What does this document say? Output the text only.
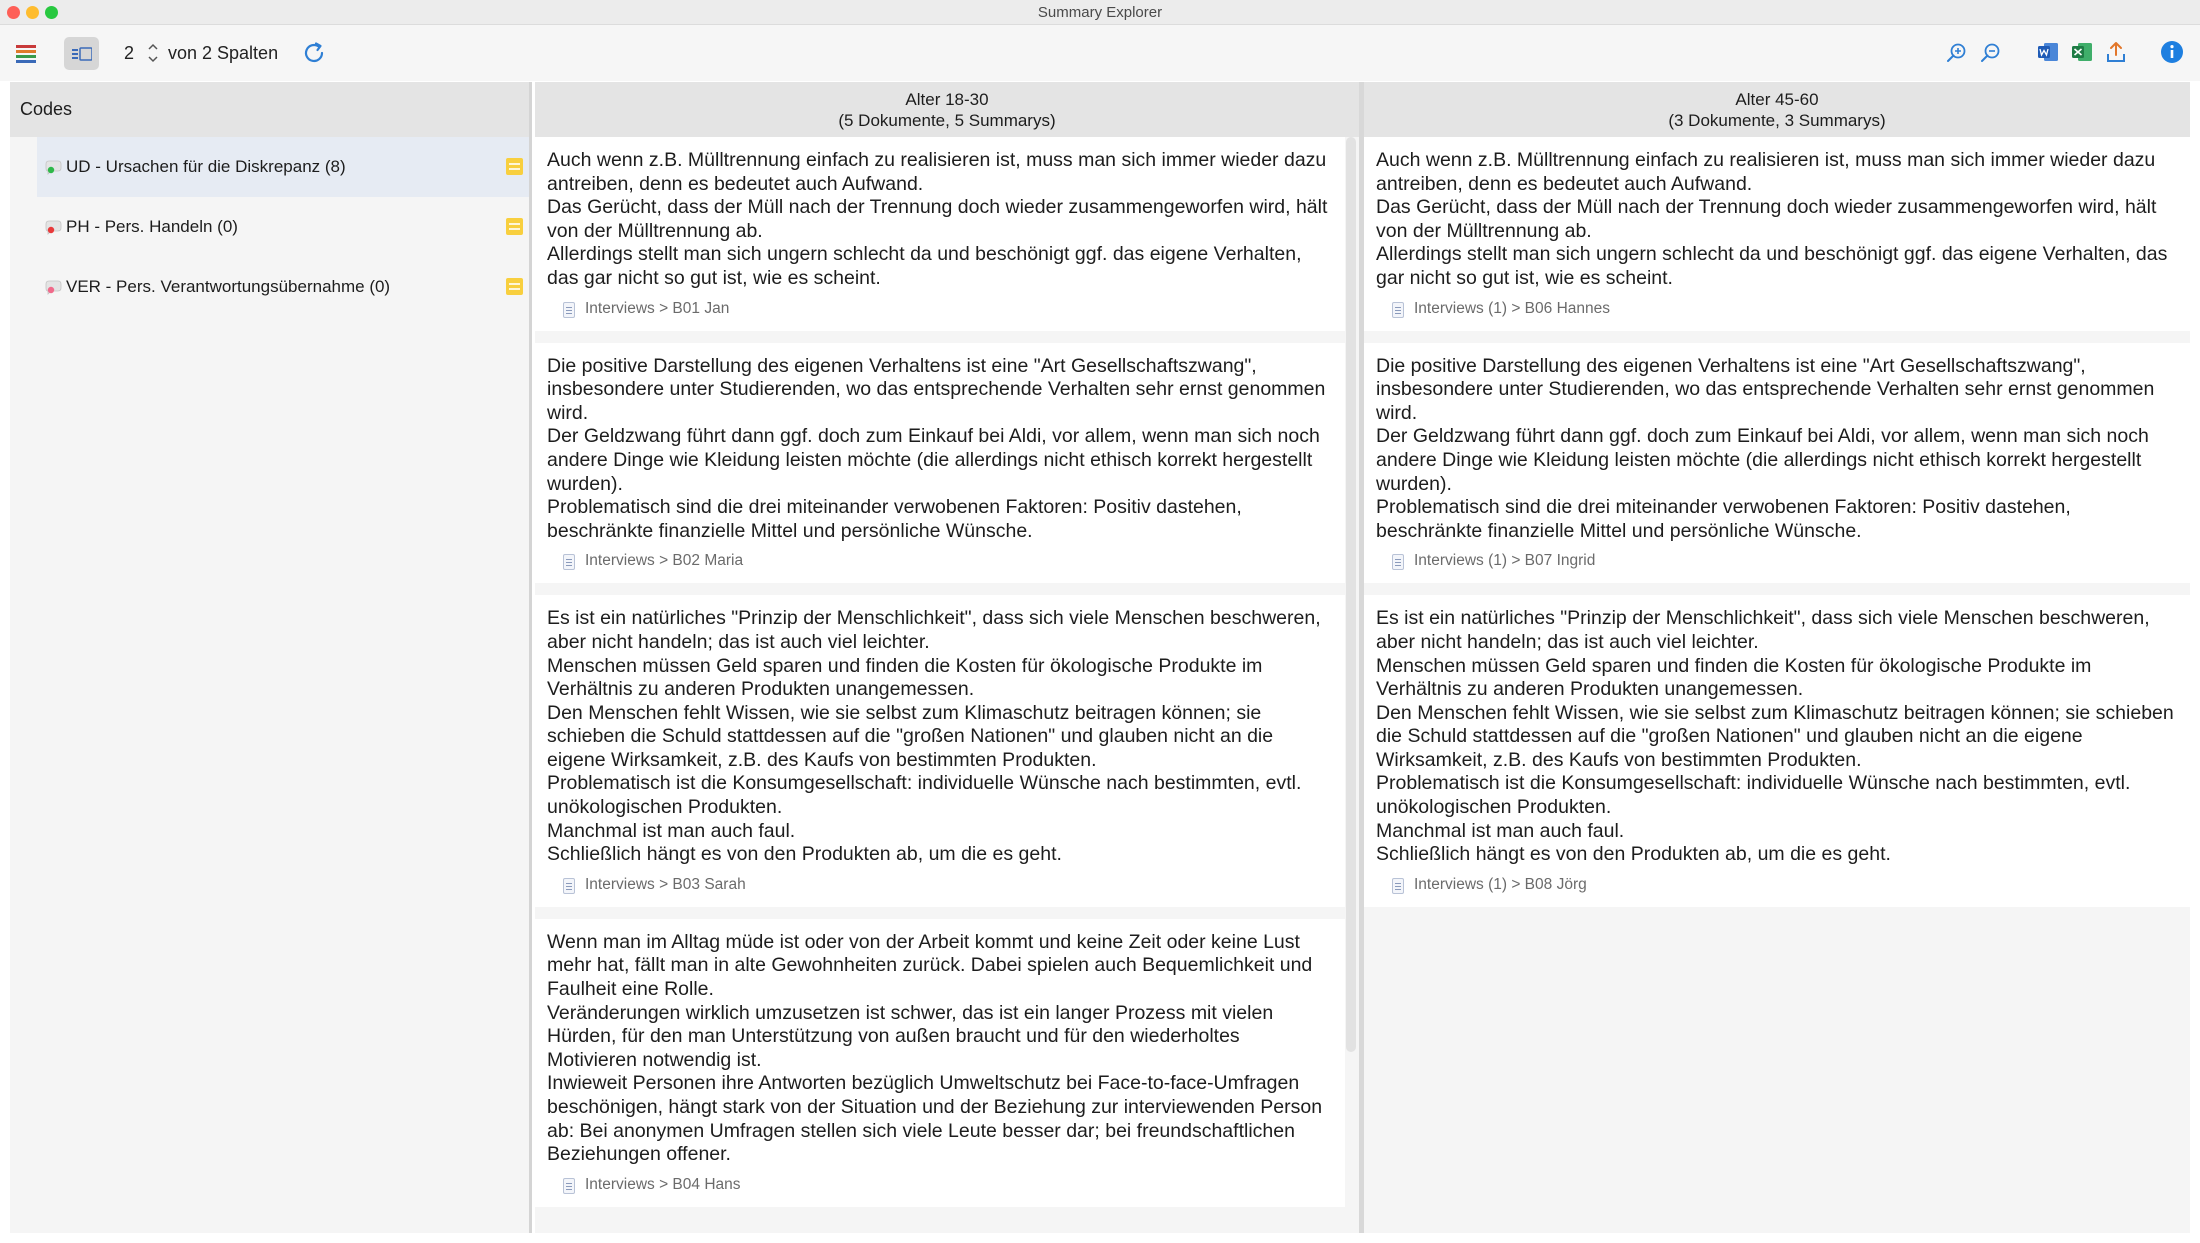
Summary Explorer
2 von 2 Spalten
Codes
UD - Ursachen für die Diskrepanz (8)
PH - Pers. Handeln (0)
VER - Pers. Verantwortungsübernahme (0)
Alter 18-30
(5 Dokumente, 5 Summarys)

Auch wenn z.B. Mülltrennung einfach zu realisieren ist, muss man sich immer wieder dazu antreiben, denn es bedeutet auch Aufwand.

Das Gerücht, dass der Müll nach der Trennung doch wieder zusammengeworfen wird, hält von der Mülltrennung ab.

Allerdings stellt man sich ungern schlecht da und beschönigt ggf. das eigene Verhalten, das gar nicht so gut ist, wie es scheint.

Interviews > B01 Jan

Die positive Darstellung des eigenen Verhaltens ist eine "Art Gesellschaftszwang", insbesondere unter Studierenden, wo das entsprechende Verhalten sehr ernst genommen wird.

Der Geldzwang führt dann ggf. doch zum Einkauf bei Aldi, vor allem, wenn man sich noch andere Dinge wie Kleidung leisten möchte (die allerdings nicht ethisch korrekt hergestellt wurden).

Problematisch sind die drei miteinander verwobenen Faktoren: Positiv dastehen, beschränkte finanzielle Mittel und persönliche Wünsche.

Interviews > B02 Maria

Es ist ein natürliches "Prinzip der Menschlichkeit", dass sich viele Menschen beschweren, aber nicht handeln; das ist auch viel leichter.

Menschen müssen Geld sparen und finden die Kosten für ökologische Produkte im Verhältnis zu anderen Produkten unangemessen.

Den Menschen fehlt Wissen, wie sie selbst zum Klimaschutz beitragen können; sie schieben die Schuld stattdessen auf die "großen Nationen" und glauben nicht an die eigene Wirksamkeit, z.B. des Kaufs von bestimmten Produkten.

Problematisch ist die Konsumgesellschaft: individuelle Wünsche nach bestimmten, evtl. unökologischen Produkten.

Manchmal ist man auch faul.

Schließlich hängt es von den Produkten ab, um die es geht.

Interviews > B03 Sarah

Wenn man im Alltag müde ist oder von der Arbeit kommt und keine Zeit oder keine Lust mehr hat, fällt man in alte Gewohnheiten zurück. Dabei spielen auch Bequemlichkeit und Faulheit eine Rolle.

Veränderungen wirklich umzusetzen ist schwer, das ist ein langer Prozess mit vielen Hürden, für den man Unterstützung von außen braucht und für den wiederholtes Motivieren notwendig ist.

Inwieweit Personen ihre Antworten bezüglich Umweltschutz bei Face-to-face-Umfragen beschönigen, hängt stark von der Situation und der Beziehung zur interviewenden Person ab: Bei anonymen Umfragen stellen sich viele Leute besser dar; bei freundschaftlichen Beziehungen offener.

Interviews > B04 Hans
Alter 45-60
(3 Dokumente, 3 Summarys)

Auch wenn z.B. Mülltrennung einfach zu realisieren ist, muss man sich immer wieder dazu antreiben, denn es bedeutet auch Aufwand.

Das Gerücht, dass der Müll nach der Trennung doch wieder zusammengeworfen wird, hält von der Mülltrennung ab.

Allerdings stellt man sich ungern schlecht da und beschönigt ggf. das eigene Verhalten, das gar nicht so gut ist, wie es scheint.

Interviews (1) > B06 Hannes

Die positive Darstellung des eigenen Verhaltens ist eine "Art Gesellschaftszwang", insbesondere unter Studierenden, wo das entsprechende Verhalten sehr ernst genommen wird.

Der Geldzwang führt dann ggf. doch zum Einkauf bei Aldi, vor allem, wenn man sich noch andere Dinge wie Kleidung leisten möchte (die allerdings nicht ethisch korrekt hergestellt wurden).

Problematisch sind die drei miteinander verwobenen Faktoren: Positiv dastehen, beschränkte finanzielle Mittel und persönliche Wünsche.

Interviews (1) > B07 Ingrid

Es ist ein natürliches "Prinzip der Menschlichkeit", dass sich viele Menschen beschweren, aber nicht handeln; das ist auch viel leichter.

Menschen müssen Geld sparen und finden die Kosten für ökologische Produkte im Verhältnis zu anderen Produkten unangemessen.

Den Menschen fehlt Wissen, wie sie selbst zum Klimaschutz beitragen können; sie schieben die Schuld stattdessen auf die "großen Nationen" und glauben nicht an die eigene Wirksamkeit, z.B. des Kaufs von bestimmten Produkten.

Problematisch ist die Konsumgesellschaft: individuelle Wünsche nach bestimmten, evtl. unökologischen Produkten.

Manchmal ist man auch faul.

Schließlich hängt es von den Produkten ab, um die es geht.

Interviews (1) > B08 Jörg
